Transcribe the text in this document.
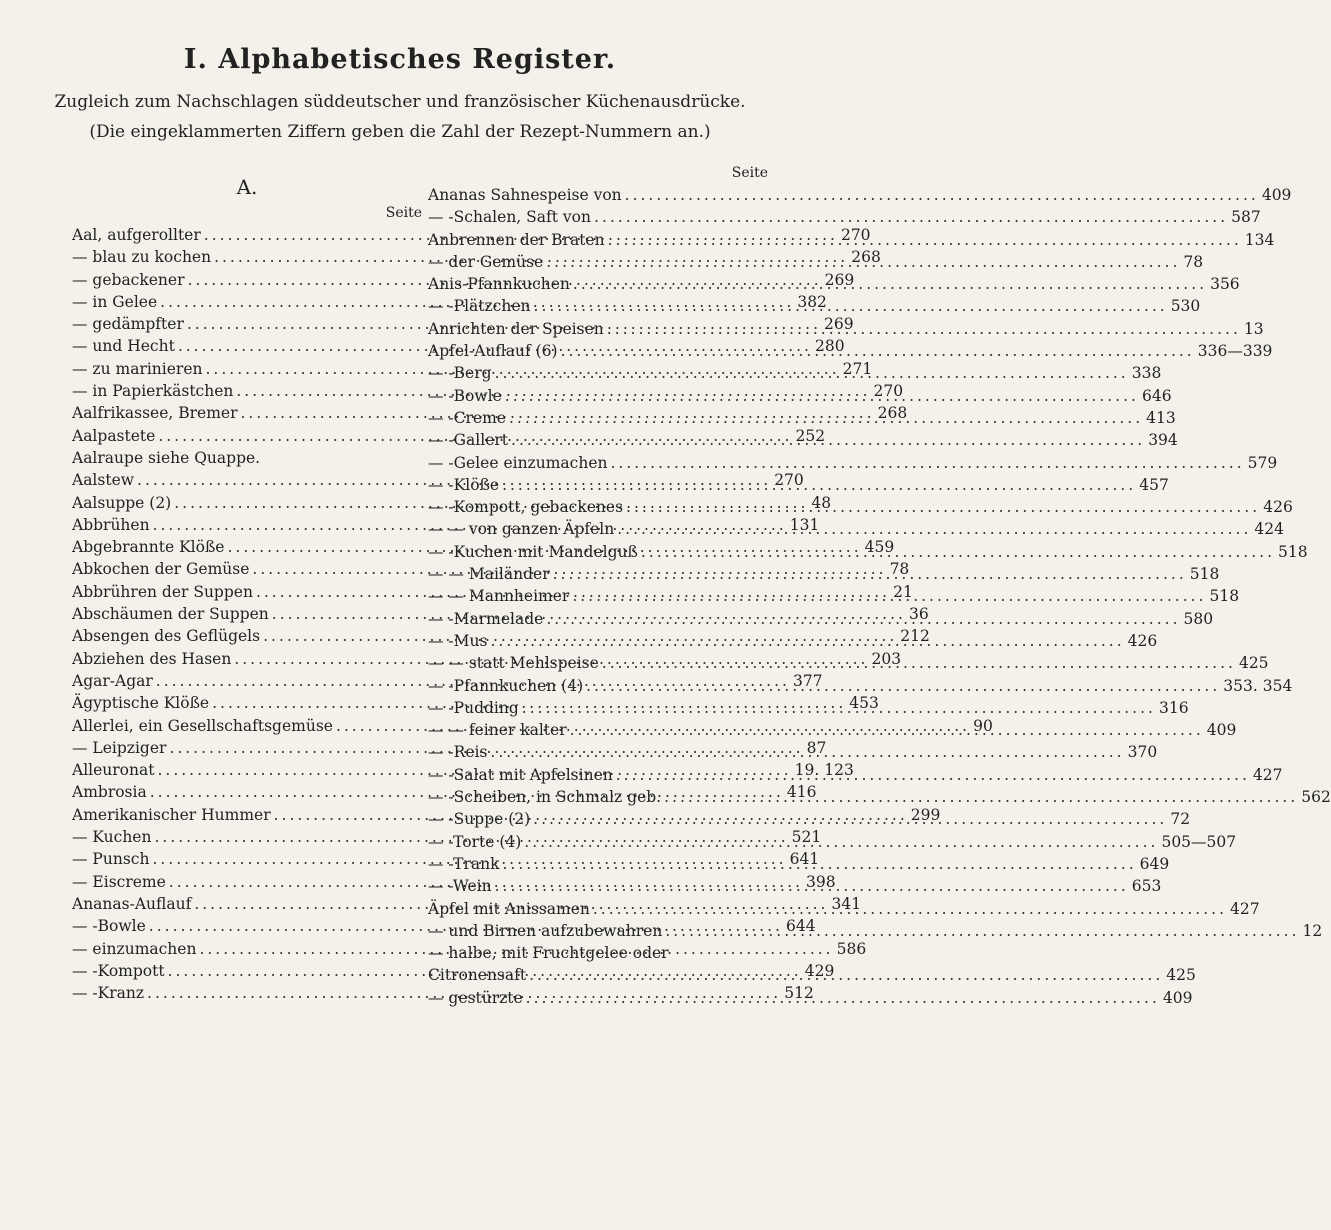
I. Alphabetisches Register.
Zugleich zum Nachschlagen süddeutscher und französischer Küchenausdrücke.
(Die eingeklammerten Ziffern geben die Zahl der Rezept-Nummern an.)
A.
Seite
Aal, aufgerollter .....	270
— blau zu kochen .....	268
— gebackener .....	269
— in Gelee .....	382
— gedämpfter .....	269
— und Hecht .....	280
— zu marinieren .....	271
— in Papierkästchen .....	270
Aalfrikassee, Bremer .....	268
Aalpastete .....	252
Aalraupe siehe Quappe.
Aalstew .....	270
Aalsuppe (2) .....	48
Abbrühen .....	131
Abgebrannte Klöße .....	459
Abkochen der Gemüse .....	78
Abbrühren der Suppen .....	21
Abschäumen der Suppen .....	36
Absengen des Geflügels .....	212
Abziehen des Hasen .....	203
Agar-Agar .....	377
Ägyptische Klöße .....	453
Allerlei, ein Gesellschaftsgemüse .....	90
— Leipziger .....	87
Alleuronat .....	19. 123
Ambrosia .....	416
Amerikanischer Hummer .....	299
— Kuchen .....	521
— Punsch .....	641
— Eiscreme .....	398
Ananas-Auflauf .....	341
— -Bowle .....	644
— einzumachen .....	586
— -Kompott .....	429
— -Kranz .....	512
Seite
Ananas Sahnespeise von .....	409
— -Schalen, Saft von .....	587
Anbrennen der Braten .....	134
— der Gemüse .....	78
Anis-Pfannkuchen .....	356
— -Plätzchen .....	530
Anrichten der Speisen .....	13
Apfel-Auflauf (6) .....	336—339
— -Berg .....	338
— -Bowle .....	646
— -Creme .....	413
— -Gallert .....	394
— -Gelee einzumachen .....	579
— -Klöße .....	457
— -Kompott, gebackenes .....	426
— — von ganzen Äpfeln .....	424
— -Kuchen mit Mandelguß .....	518
— — Mailänder .....	518
— — Mannheimer .....	518
— -Marmelade .....	580
— -Mus .....	426
— — statt Mehlspeise .....	425
— -Pfannkuchen (4) .....	353. 354
— -Pudding .....	316
— — feiner kalter .....	409
— -Reis .....	370
— -Salat mit Apfelsinen .....	427
— -Scheiben, in Schmalz geb. .....	562
— -Suppe (2) .....	72
— -Torte (4) .....	505—507
— -Trank .....	649
— -Wein .....	653
Äpfel mit Anissamen .....	427
— und Birnen aufzubewahren .....	12
— halbe, mit Fruchtgelee oder
Citronensaft .....	425
— gestürzte .....	409
